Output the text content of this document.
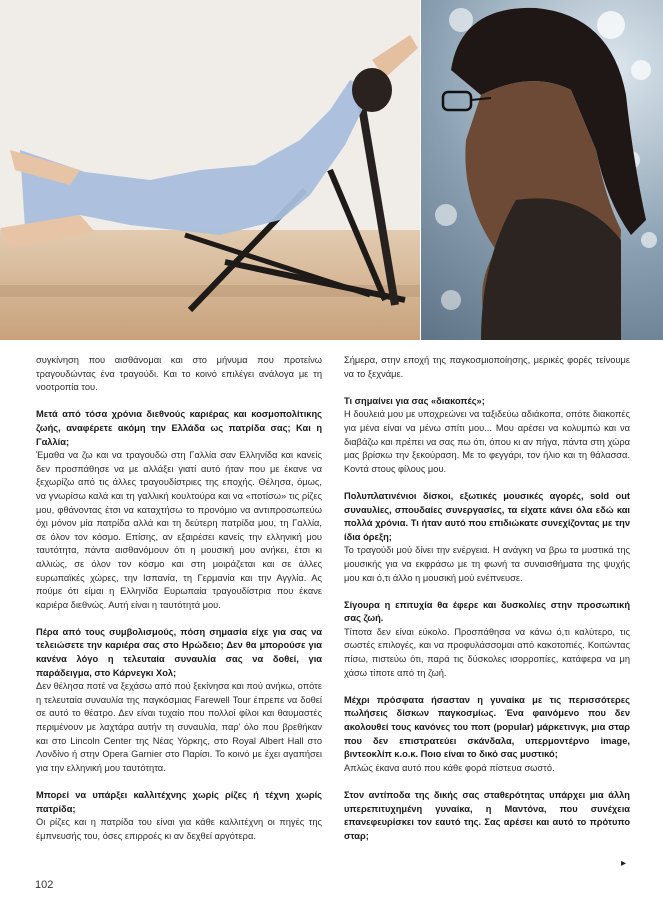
συγκίνηση που αισθάνομαι και στο μήνυμα που προτείνω τραγουδώντας ένα τραγούδι. Και το κοινό επιλέγει ανάλογα με τη νοοτροπία του.

Μετά από τόσα χρόνια διεθνούς καριέρας και κοσμοπολίτικης ζωής, αναφέρετε ακόμη την Ελλάδα ως πατρίδα σας; Και η Γαλλία;

Έμαθα να ζω και να τραγουδώ στη Γαλλία σαν Ελληνίδα και κανείς δεν προσπάθησε να με αλλάξει γιατί αυτό ήταν που με έκανε να ξεχωρίζω από τις άλλες τραγουδίστριες της εποχής. Θέλησα, όμως, να γνωρίσω καλά και τη γαλλική κουλτούρα και να «ποτίσω» τις ρίζες μου, φθάνοντας έτσι να καταχτήσω το προνόμιο να αντιπροσωπεύω όχι μόνον μία πατρίδα αλλά και τη δεύτερη πατρίδα μου, τη Γαλλία, σε όλον τον κόσμο. Επίσης, αν εξαιρέσει κανείς την ελληνική μου ταυτότητα, πάντα αισθανόμουν ότι η μουσική μου ανήκει, έτσι κι αλλιώς, σε όλον τον κόσμο και στη μοιράζεται και σε άλλες ευρωπαϊκές χώρες, την Ισπανία, τη Γερμανία και την Αγγλία. Ας πούμε ότι είμαι η Ελληνίδα Ευρωπαία τραγουδίστρια που έκανε καριέρα διεθνώς. Αυτή είναι η ταυτότητά μου.

Πέρα από τους συμβολισμούς, πόση σημασία είχε για σας να τελειώσετε την καριέρα σας στο Ηρώδειο; Δεν θα μπορούσε για κανένα λόγο η τελευταία συναυλία σας να δοθεί, για παράδειγμα, στο Κάρνεγκι Χολ;

Δεν θέλησα ποτέ να ξεχάσω από πού ξεκίνησα και πού ανήκω, οπότε η τελευταία συναυλία της παγκόσμιας Farewell Tour έπρεπε να δοθεί σε αυτό το θέατρο. Δεν είναι τυχαίο που πολλοί φίλοι και θαυμαστές περιμένουν με λαχτάρα αυτήν τη συναυλία, παρ' όλο που βρεθήκαν και στο Lincoln Center της Νέας Υόρκης, στο Royal Albert Hall στο Λονδίνο ή στην Opera Garnier στο Παρίσι. Το κοινό με έχει αγαπήσει για την ελληνική μου ταυτότητα.

Μπορεί να υπάρξει καλλιτέχνης χωρίς ρίζες ή τέχνη χωρίς πατρίδα;

Οι ρίζες και η πατρίδα του είναι για κάθε καλλιτέχνη οι πηγές της έμπνευσής του, όσες επιρροές κι αν δεχθεί αργότερα.

Σήμερα, στην εποχή της παγκοσμιοποίησης, μερικές φορές τείνουμε να το ξεχνάμε.

Τι σημαίνει για σας «διακοπές»;

Η δουλειά μου με υποχρεώνει να ταξιδεύω αδιάκοπα, οπότε διακοπές για μένα είναι να μένω σπίτι μου... Μου αρέσει να κολυμπώ και να διαβάζω και πρέπει να σας πω ότι, όπου κι αν πήγα, πάντα στη χώρα μας βρίσκω την ξεκούραση. Με το φεγγάρι, τον ήλιο και τη θάλασσα. Κοντά στους φίλους μου.

Πολυπλατινένιοι δίσκοι, εξωτικές μουσικές αγορές, sold out συναυλίες, σπουδαίες συνεργασίες, τα είχατε κάνει όλα εδώ και πολλά χρόνια. Τι ήταν αυτό που επιδιώκατε συνεχίζοντας με την ίδια όρεξη;

Το τραγούδι μού δίνει την ενέργεια. Η ανάγκη να βρω τα μυστικά της μουσικής για να εκφράσω με τη φωνή τα συναισθήματα της ψυχής μου και ό,τι άλλο η μουσική μού ενέπνευσε.

Σίγουρα η επιτυχία θα έφερε και δυσκολίες στην προσωπική σας ζωή.

Τίποτα δεν είναι εύκολο. Προσπάθησα να κάνω ό,τι καλύτερο, τις σωστές επιλογές, και να προφυλάσσομαι από κακοτοπιές. Κοιτώντας πίσω, πιστεύω ότι, παρά τις δύσκολες ισορροπίες, κατάφερα να μη χάσω τίποτε από τη ζωή.

Μέχρι πρόσφατα ήσασταν η γυναίκα με τις περισσότερες πωλήσεις δίσκων παγκοσμίως. Ένα φαινόμενο που δεν ακολουθεί τους κανόνες του ποπ (popular) μάρκετινγκ, μια σταρ που δεν επιστρατεύει σκάνδαλα, υπερμοντέρνο image, βιντεοκλίπ κ.ο.κ. Ποιο είναι το δικό σας μυστικό;

Απλώς έκανα αυτό που κάθε φορά πίστευα σωστό.

Στον αντίποδα της δικής σας σταθερότητας υπάρχει μια άλλη υπερεπιτυχημένη γυναίκα, η Μαντόνα, που συνέχεια επανεφευρίσκει τον εαυτό της. Σας αρέσει και αυτό το πρότυπο σταρ;

▸
102
